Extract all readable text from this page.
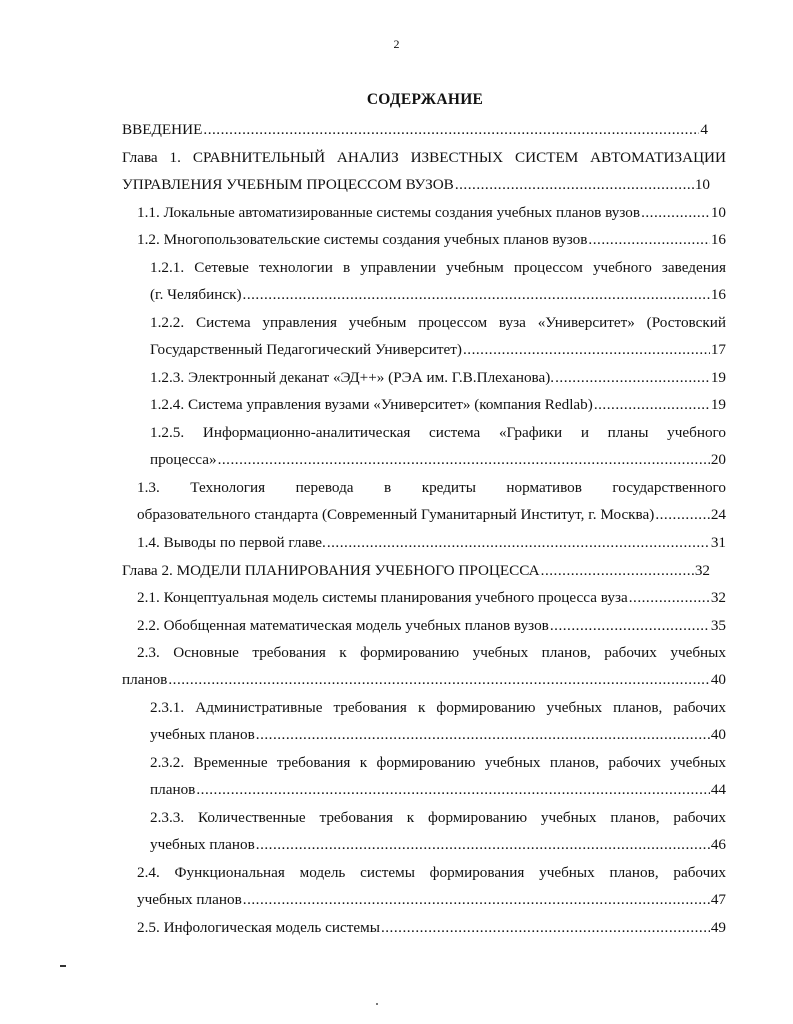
2
СОДЕРЖАНИЕ
ВВЕДЕНИЕ .....	4
Глава 1. СРАВНИТЕЛЬНЫЙ АНАЛИЗ ИЗВЕСТНЫХ СИСТЕМ АВТОМАТИЗАЦИИ
УПРАВЛЕНИЯ УЧЕБНЫМ ПРОЦЕССОМ ВУЗОВ .....	10
1.1. Локальные автоматизированные системы создания учебных планов вузов .....	10
1.2. Многопользовательские системы создания учебных планов вузов .....	16
1.2.1. Сетевые технологии в управлении учебным процессом учебного заведения
(г. Челябинск) .....	16
1.2.2. Система управления учебным процессом вуза «Университет» (Ростовский
Государственный Педагогический Университет) .....	17
1.2.3. Электронный деканат «ЭД++» (РЭА им. Г.В.Плеханова). .....	19
1.2.4. Система управления вузами «Университет» (компания Redlab) .....	19
1.2.5. Информационно-аналитическая система «Графики и планы учебного
процесса» .....	20
1.3. Технология перевода в кредиты нормативов государственного
образовательного стандарта (Современный Гуманитарный Институт, г. Москва) .....	24
1.4. Выводы по первой главе. .....	31
Глава 2. МОДЕЛИ ПЛАНИРОВАНИЯ УЧЕБНОГО ПРОЦЕССА .....	32
2.1. Концептуальная модель системы планирования учебного процесса вуза .....	32
2.2. Обобщенная математическая модель учебных планов вузов .....	35
2.3. Основные требования к формированию учебных планов, рабочих учебных
планов .....	40
2.3.1. Административные требования к формированию учебных планов, рабочих
учебных планов .....	40
2.3.2. Временные требования к формированию учебных планов, рабочих учебных
планов .....	44
2.3.3. Количественные требования к формированию учебных планов, рабочих
учебных планов .....	46
2.4. Функциональная модель системы формирования учебных планов, рабочих
учебных планов .....	47
2.5. Инфологическая модель системы .....	49
